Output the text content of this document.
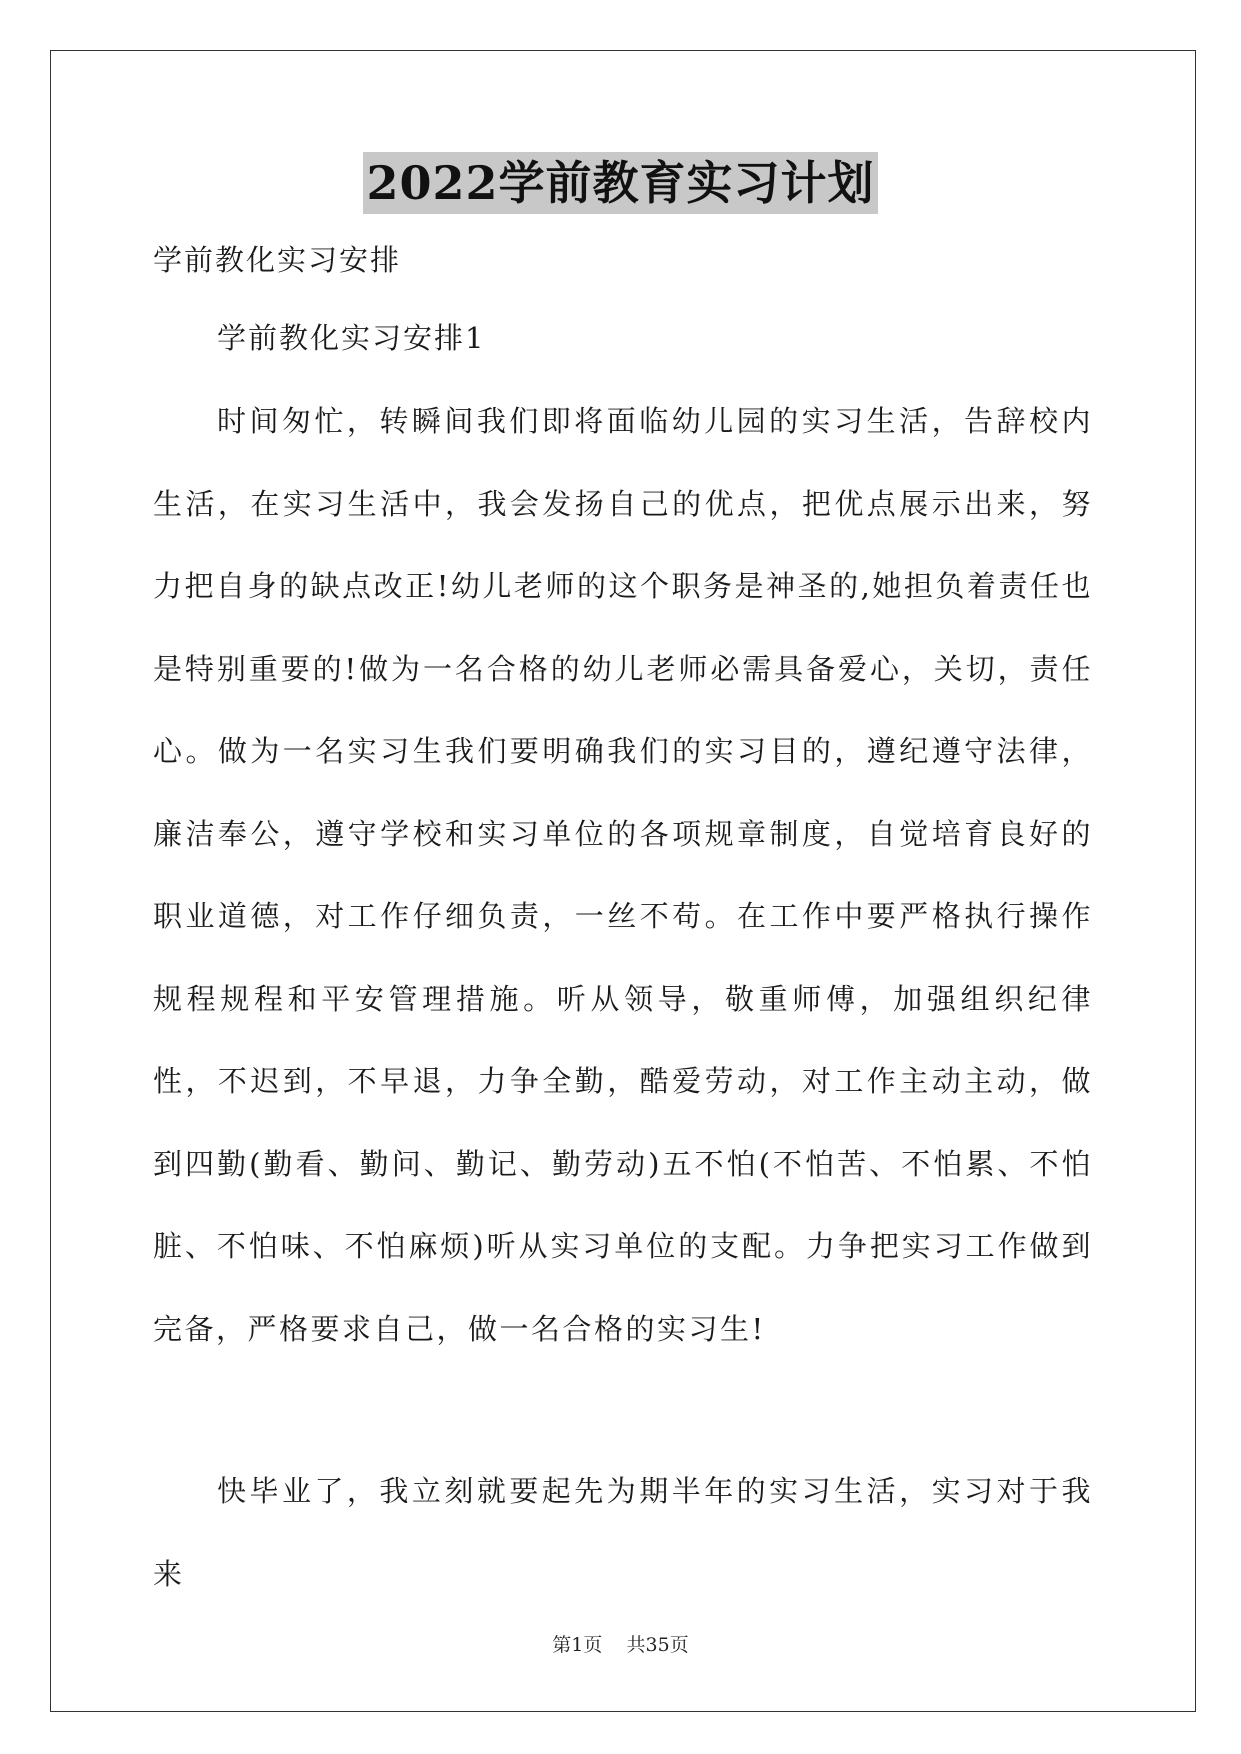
2022学前教育实习计划

学前教化实习安排

学前教化实习安排1

时间匆忙，转瞬间我们即将面临幼儿园的实习生活，告辞校内生活，在实习生活中，我会发扬自己的优点，把优点展示出来，努力把自身的缺点改正!幼儿老师的这个职务是神圣的,她担负着责任也是特别重要的!做为一名合格的幼儿老师必需具备爱心，关切，责任心。做为一名实习生我们要明确我们的实习目的，遵纪遵守法律，廉洁奉公，遵守学校和实习单位的各项规章制度，自觉培育良好的职业道德，对工作仔细负责，一丝不苟。在工作中要严格执行操作规程规程和平安管理措施。听从领导，敬重师傅，加强组织纪律性，不迟到，不早退，力争全勤，酷爱劳动，对工作主动主动，做到四勤(勤看、勤问、勤记、勤劳动)五不怕(不怕苦、不怕累、不怕脏、不怕味、不怕麻烦)听从实习单位的支配。力争把实习工作做到完备，严格要求自己，做一名合格的实习生!

快毕业了，我立刻就要起先为期半年的实习生活，实习对于我来

第1页 共35页
